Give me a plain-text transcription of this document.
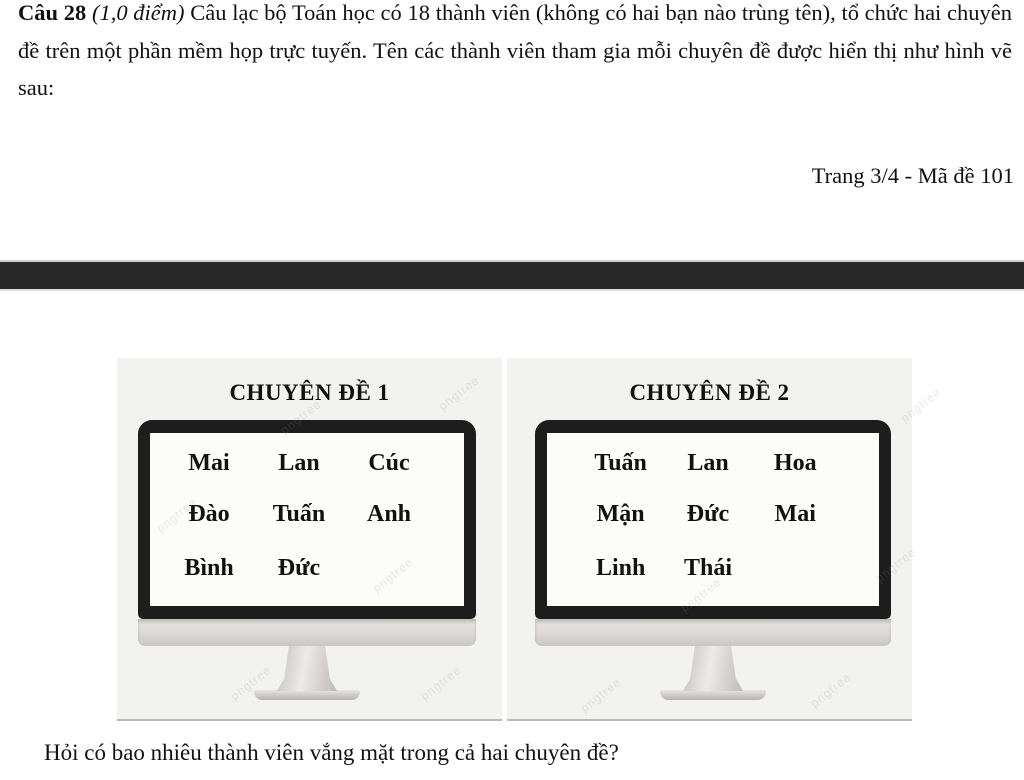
Câu 28 (1,0 điểm) Câu lạc bộ Toán học có 18 thành viên (không có hai bạn nào trùng tên), tổ chức hai chuyên đề trên một phần mềm họp trực tuyến. Tên các thành viên tham gia mỗi chuyên đề được hiển thị như hình vẽ sau:

Trang 3/4 - Mã đề 101
pngtree
pngtree
pngtree	pngtree
CHUYÊN ĐỀ 1
Mai	Lan	Cúc
Đào	Tuấn	Anh
Bình	Đức
pngtree
pngtree
pngtree	pngtree
CHUYÊN ĐỀ 2
Tuấn	Lan	Hoa
Mận	Đức	Mai
Linh	Thái
Hỏi có bao nhiêu thành viên vắng mặt trong cả hai chuyên đề?
